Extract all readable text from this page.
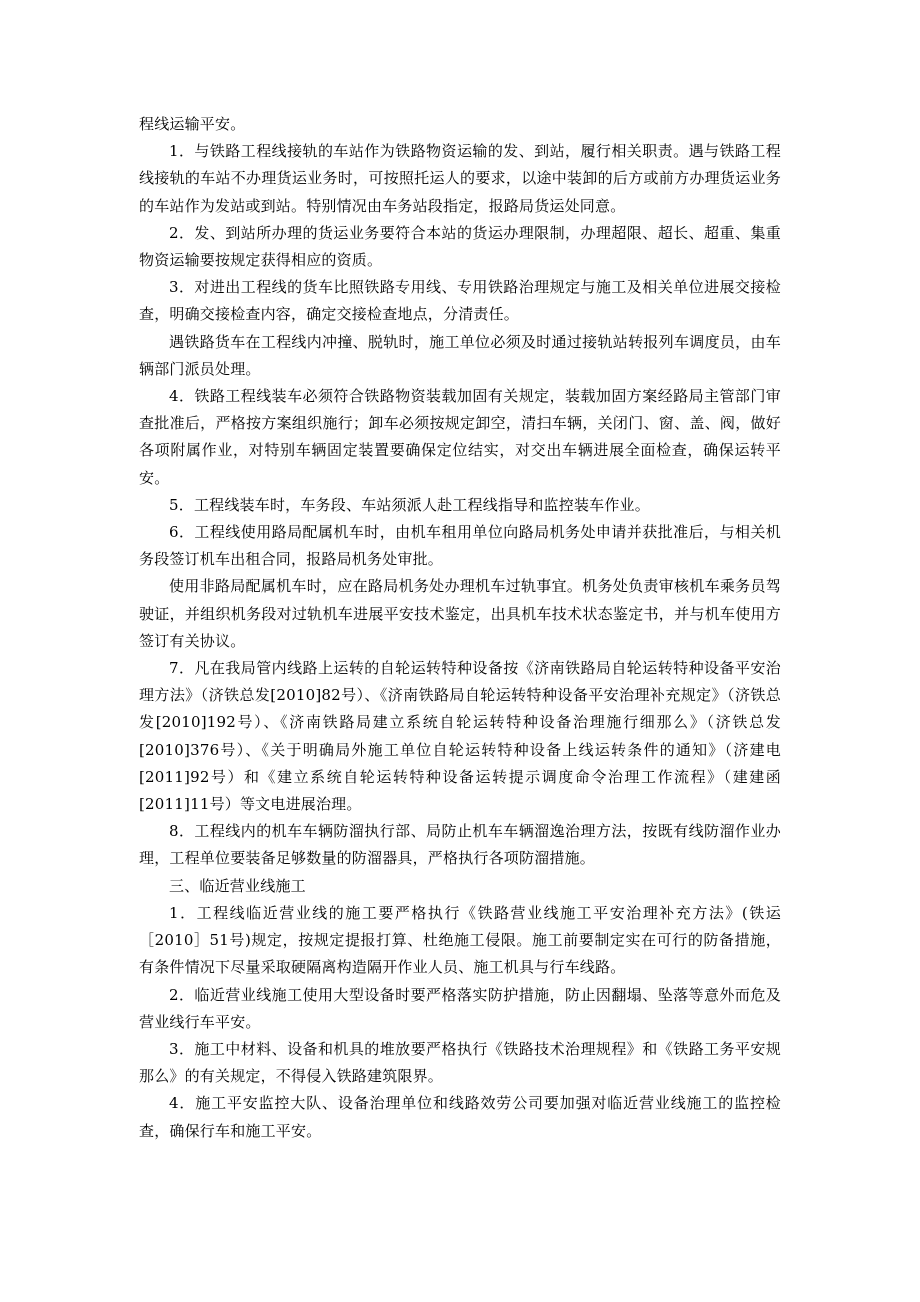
程线运输平安。

1．与铁路工程线接轨的车站作为铁路物资运输的发、到站，履行相关职责。遇与铁路工程线接轨的车站不办理货运业务时，可按照托运人的要求，以途中装卸的后方或前方办理货运业务的车站作为发站或到站。特别情况由车务站段指定，报路局货运处同意。

2．发、到站所办理的货运业务要符合本站的货运办理限制，办理超限、超长、超重、集重物资运输要按规定获得相应的资质。

3．对进出工程线的货车比照铁路专用线、专用铁路治理规定与施工及相关单位进展交接检查，明确交接检查内容，确定交接检查地点，分清责任。

遇铁路货车在工程线内冲撞、脱轨时，施工单位必须及时通过接轨站转报列车调度员，由车辆部门派员处理。

4．铁路工程线装车必须符合铁路物资装载加固有关规定，装载加固方案经路局主管部门审查批准后，严格按方案组织施行；卸车必须按规定卸空，清扫车辆，关闭门、窗、盖、阀，做好各项附属作业，对特别车辆固定装置要确保定位结实，对交出车辆进展全面检查，确保运转平安。

5．工程线装车时，车务段、车站须派人赴工程线指导和监控装车作业。

6．工程线使用路局配属机车时，由机车租用单位向路局机务处申请并获批准后，与相关机务段签订机车出租合同，报路局机务处审批。

使用非路局配属机车时，应在路局机务处办理机车过轨事宜。机务处负责审核机车乘务员驾驶证，并组织机务段对过轨机车进展平安技术鉴定，出具机车技术状态鉴定书，并与机车使用方签订有关协议。

7．凡在我局管内线路上运转的自轮运转特种设备按《济南铁路局自轮运转特种设备平安治理方法》（济铁总发[2010]82号）、《济南铁路局自轮运转特种设备平安治理补充规定》（济铁总发[2010]192号）、《济南铁路局建立系统自轮运转特种设备治理施行细那么》（济铁总发[2010]376号）、《关于明确局外施工单位自轮运转特种设备上线运转条件的通知》（济建电[2011]92号）和《建立系统自轮运转特种设备运转提示调度命令治理工作流程》（建建函[2011]11号）等文电进展治理。

8．工程线内的机车车辆防溜执行部、局防止机车车辆溜逸治理方法，按既有线防溜作业办理，工程单位要装备足够数量的防溜器具，严格执行各项防溜措施。

三、临近营业线施工

1．工程线临近营业线的施工要严格执行《铁路营业线施工平安治理补充方法》(铁运［2010］51号)规定，按规定提报打算、杜绝施工侵限。施工前要制定实在可行的防备措施，有条件情况下尽量采取硬隔离构造隔开作业人员、施工机具与行车线路。

2．临近营业线施工使用大型设备时要严格落实防护措施，防止因翻塌、坠落等意外而危及营业线行车平安。

3．施工中材料、设备和机具的堆放要严格执行《铁路技术治理规程》和《铁路工务平安规那么》的有关规定，不得侵入铁路建筑限界。

4．施工平安监控大队、设备治理单位和线路效劳公司要加强对临近营业线施工的监控检查，确保行车和施工平安。
